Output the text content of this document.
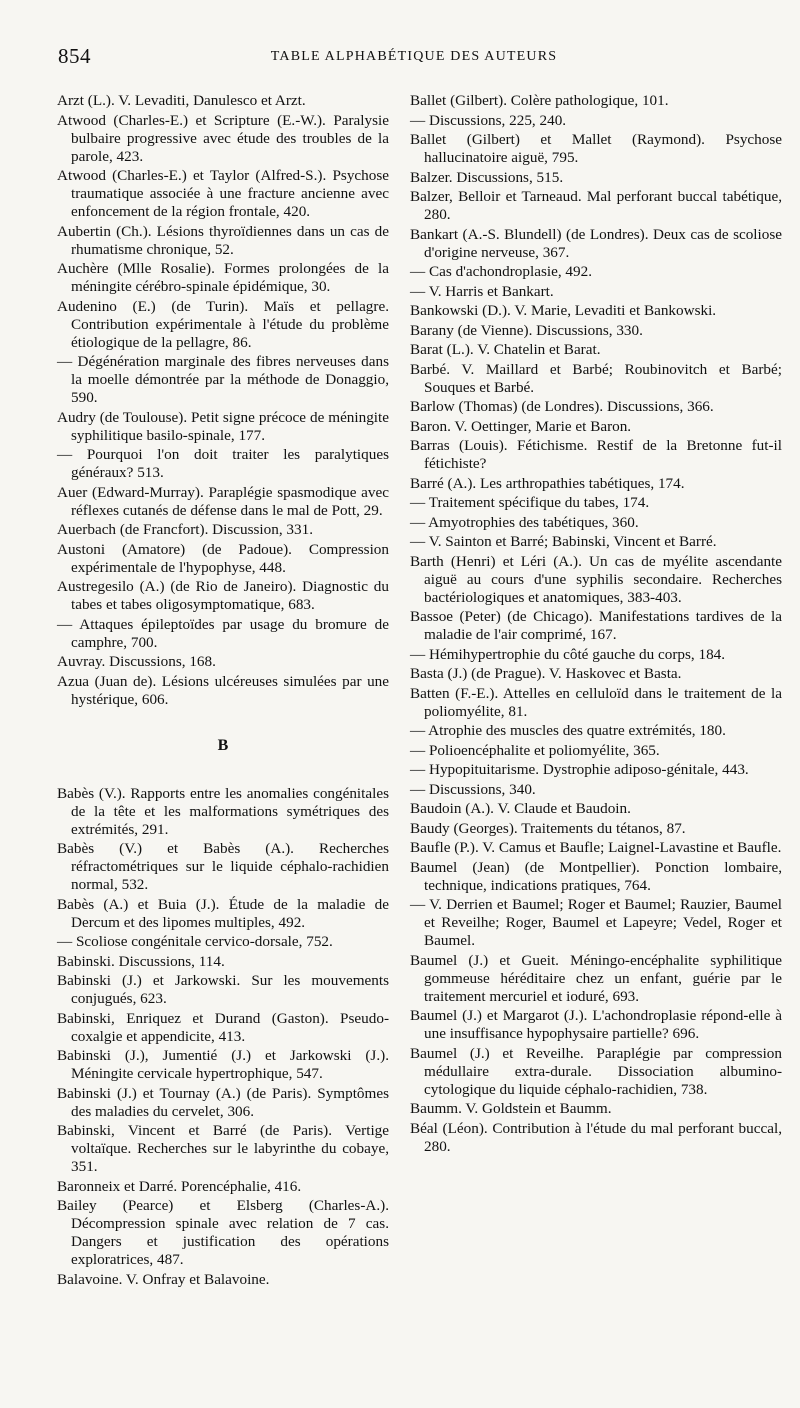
854	TABLE ALPHABÉTIQUE DES AUTEURS

Arzt (L.). V. Levaditi, Danulesco et Arzt.

Atwood (Charles-E.) et Scripture (E.-W.). Paralysie bulbaire progressive avec étude des troubles de la parole, 423.

Atwood (Charles-E.) et Taylor (Alfred-S.). Psychose traumatique associée à une fracture ancienne avec enfoncement de la région frontale, 420.

Aubertin (Ch.). Lésions thyroïdiennes dans un cas de rhumatisme chronique, 52.

Auchère (Mlle Rosalie). Formes prolongées de la méningite cérébro-spinale épidémique, 30.

Audenino (E.) (de Turin). Maïs et pellagre. Contribution expérimentale à l'étude du problème étiologique de la pellagre, 86.

— Dégénération marginale des fibres nerveuses dans la moelle démontrée par la méthode de Donaggio, 590.

Audry (de Toulouse). Petit signe précoce de méningite syphilitique basilo-spinale, 177.

— Pourquoi l'on doit traiter les paralytiques généraux? 513.

Auer (Edward-Murray). Paraplégie spasmodique avec réflexes cutanés de défense dans le mal de Pott, 29.

Auerbach (de Francfort). Discussion, 331.

Austoni (Amatore) (de Padoue). Compression expérimentale de l'hypophyse, 448.

Austregesilo (A.) (de Rio de Janeiro). Diagnostic du tabes et tabes oligosymptomatique, 683.

— Attaques épileptoïdes par usage du bromure de camphre, 700.

Auvray. Discussions, 168.

Azua (Juan de). Lésions ulcéreuses simulées par une hystérique, 606.

B

Babès (V.). Rapports entre les anomalies congénitales de la tête et les malformations symétriques des extrémités, 291.

Babès (V.) et Babès (A.). Recherches réfractométriques sur le liquide céphalo-rachidien normal, 532.

Babès (A.) et Buia (J.). Étude de la maladie de Dercum et des lipomes multiples, 492.

— Scoliose congénitale cervico-dorsale, 752.

Babinski. Discussions, 114.

Babinski (J.) et Jarkowski. Sur les mouvements conjugués, 623.

Babinski, Enriquez et Durand (Gaston). Pseudo-coxalgie et appendicite, 413.

Babinski (J.), Jumentié (J.) et Jarkowski (J.). Méningite cervicale hypertrophique, 547.

Babinski (J.) et Tournay (A.) (de Paris). Symptômes des maladies du cervelet, 306.

Babinski, Vincent et Barré (de Paris). Vertige voltaïque. Recherches sur le labyrinthe du cobaye, 351.

Baronneix et Darré. Porencéphalie, 416.

Bailey (Pearce) et Elsberg (Charles-A.). Décompression spinale avec relation de 7 cas. Dangers et justification des opérations exploratrices, 487.

Balavoine. V. Onfray et Balavoine.

Ballet (Gilbert). Colère pathologique, 101.

— Discussions, 225, 240.

Ballet (Gilbert) et Mallet (Raymond). Psychose hallucinatoire aiguë, 795.

Balzer. Discussions, 515.

Balzer, Belloir et Tarneaud. Mal perforant buccal tabétique, 280.

Bankart (A.-S. Blundell) (de Londres). Deux cas de scoliose d'origine nerveuse, 367.

— Cas d'achondroplasie, 492.

— V. Harris et Bankart.

Bankowski (D.). V. Marie, Levaditi et Bankowski.

Barany (de Vienne). Discussions, 330.

Barat (L.). V. Chatelin et Barat.

Barbé. V. Maillard et Barbé; Roubinovitch et Barbé; Souques et Barbé.

Barlow (Thomas) (de Londres). Discussions, 366.

Baron. V. Oettinger, Marie et Baron.

Barras (Louis). Fétichisme. Restif de la Bretonne fut-il fétichiste?

Barré (A.). Les arthropathies tabétiques, 174.

— Traitement spécifique du tabes, 174.

— Amyotrophies des tabétiques, 360.

— V. Sainton et Barré; Babinski, Vincent et Barré.

Barth (Henri) et Léri (A.). Un cas de myélite ascendante aiguë au cours d'une syphilis secondaire. Recherches bactériologiques et anatomiques, 383-403.

Bassoe (Peter) (de Chicago). Manifestations tardives de la maladie de l'air comprimé, 167.

— Hémihypertrophie du côté gauche du corps, 184.

Basta (J.) (de Prague). V. Haskovec et Basta.

Batten (F.-E.). Attelles en celluloïd dans le traitement de la poliomyélite, 81.

— Atrophie des muscles des quatre extrémités, 180.

— Polioencéphalite et poliomyélite, 365.

— Hypopituitarisme. Dystrophie adiposo-génitale, 443.

— Discussions, 340.

Baudoin (A.). V. Claude et Baudoin.

Baudy (Georges). Traitements du tétanos, 87.

Baufle (P.). V. Camus et Baufle; Laignel-Lavastine et Baufle.

Baumel (Jean) (de Montpellier). Ponction lombaire, technique, indications pratiques, 764.

— V. Derrien et Baumel; Roger et Baumel; Rauzier, Baumel et Reveilhe; Roger, Baumel et Lapeyre; Vedel, Roger et Baumel.

Baumel (J.) et Gueit. Méningo-encéphalite syphilitique gommeuse héréditaire chez un enfant, guérie par le traitement mercuriel et ioduré, 693.

Baumel (J.) et Margarot (J.). L'achondroplasie répond-elle à une insuffisance hypophysaire partielle? 696.

Baumel (J.) et Reveilhe. Paraplégie par compression médullaire extra-durale. Dissociation albumino-cytologique du liquide céphalo-rachidien, 738.

Baumm. V. Goldstein et Baumm.

Béal (Léon). Contribution à l'étude du mal perforant buccal, 280.
